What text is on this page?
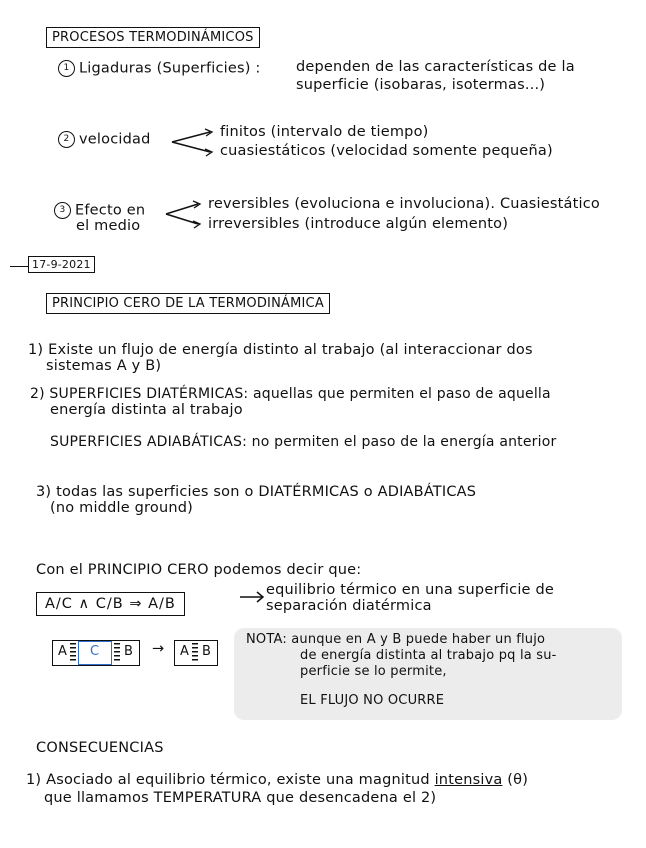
PROCESOS TERMODINÁMICOS
1 Ligaduras (Superficies) : dependen de las características de la
superficie (isobaras, isotermas...)
2 velocidad	finitos (intervalo de tiempo)
cuasiestáticos (velocidad somente pequeña)
3 Efecto en
el medio
reversibles (evoluciona e involuciona). Cuasiestático
irreversibles (introduce algún elemento)
17-9-2021
PRINCIPIO CERO DE LA TERMODINÁMICA
1) Existe un flujo de energía distinto al trabajo (al interaccionar dos
sistemas A y B)
2) SUPERFICIES DIATÉRMICAS: aquellas que permiten el paso de aquella
energía distinta al trabajo
SUPERFICIES ADIABÁTICAS: no permiten el paso de la energía anterior
3) todas las superficies son o DIATÉRMICAS o ADIABÁTICAS
(no middle ground)
Con el PRINCIPIO CERO podemos decir que:
A/C ∧ C/B ⇒ A/B
equilibrio térmico en una superficie de
separación diatérmica
A C B → A B
NOTA: aunque en A y B puede haber un flujo
de energía distinta al trabajo pq la su-
perficie se lo permite,
EL FLUJO NO OCURRE
CONSECUENCIAS
1) Asociado al equilibrio térmico, existe una magnitud intensiva (θ)
que llamamos TEMPERATURA que desencadena el 2)
